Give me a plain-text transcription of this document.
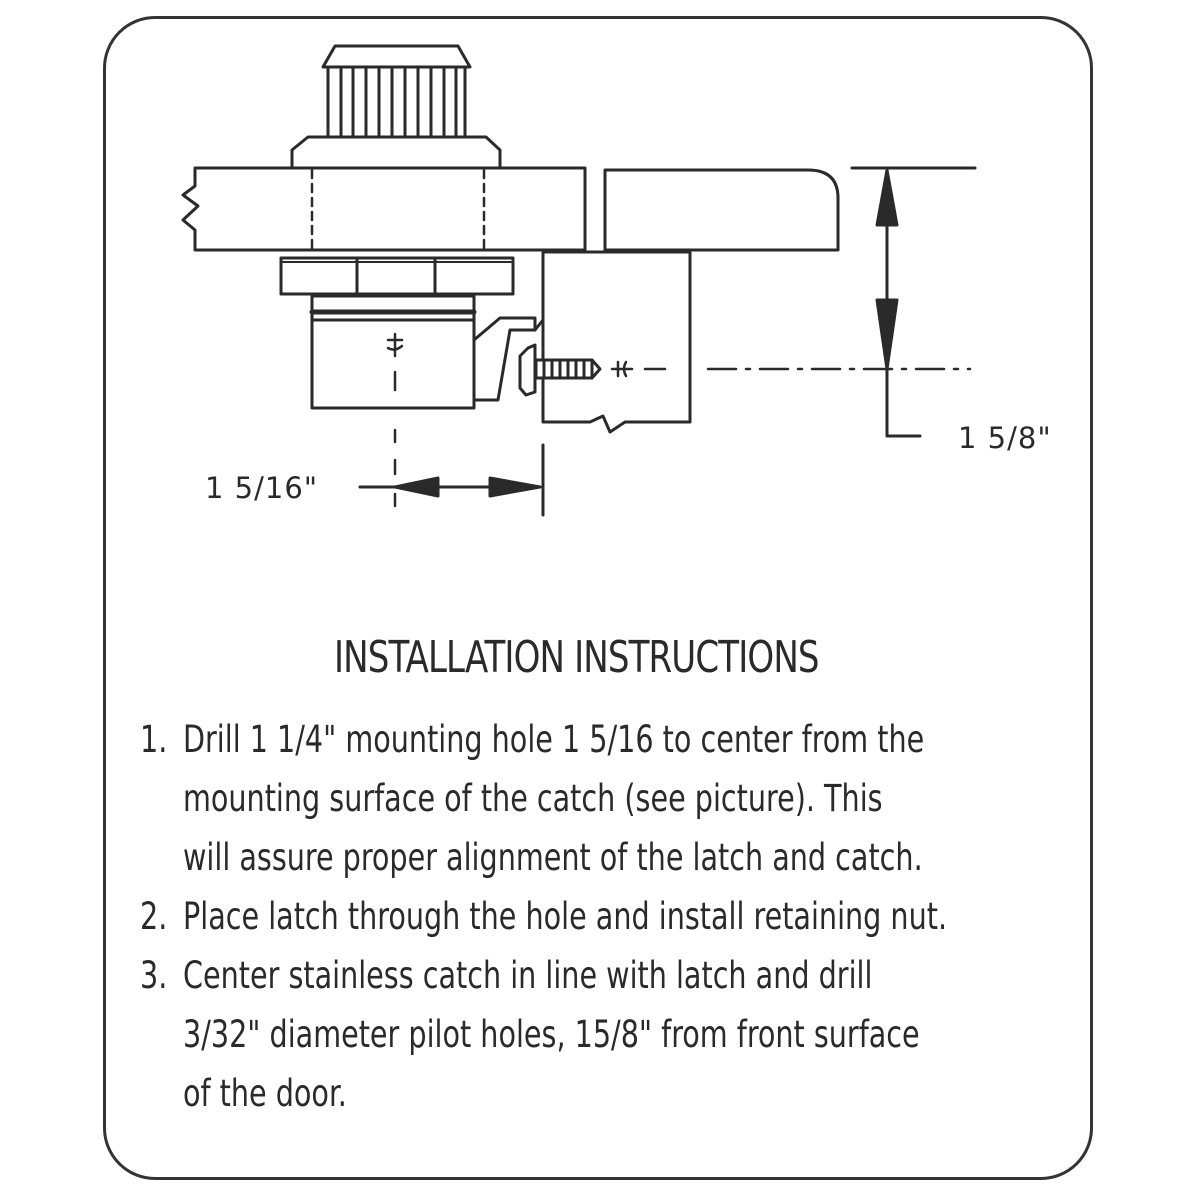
1 5/16"
1 5/8"
INSTALLATION INSTRUCTIONS
1. Drill 1 1/4" mounting hole 1 5/16 to center from the
mounting surface of the catch (see picture). This
will assure proper alignment of the latch and catch.
2. Place latch through the hole and install retaining nut.
3. Center stainless catch in line with latch and drill
3/32" diameter pilot holes, 15/8" from front surface
of the door.
